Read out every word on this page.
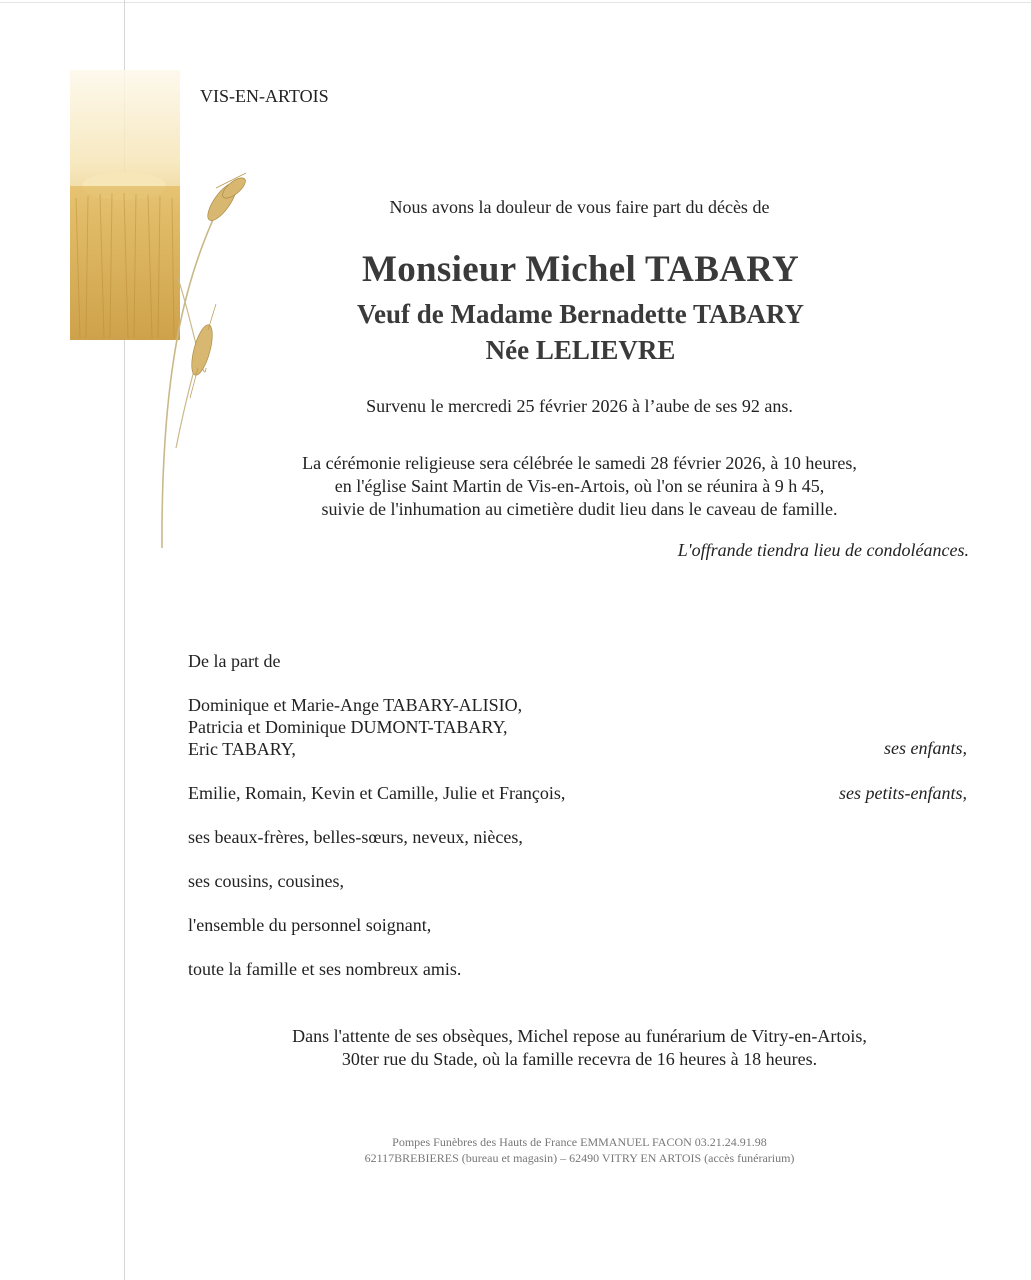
VIS-EN-ARTOIS
Nous avons la douleur de vous faire part du décès de
Monsieur Michel TABARY
Veuf de Madame Bernadette TABARY
Née LELIEVRE
Survenu le mercredi 25 février 2026 à l’aube de ses 92 ans.
La cérémonie religieuse sera célébrée le samedi 28 février 2026, à 10 heures,
en l'église Saint Martin de Vis-en-Artois, où l'on se réunira à 9 h 45,
suivie de l'inhumation au cimetière dudit lieu dans le caveau de famille.
L'offrande tiendra lieu de condoléances.
De la part de
Dominique et Marie-Ange TABARY-ALISIO,
Patricia et Dominique DUMONT-TABARY,
Eric TABARY,	ses enfants,
Emilie, Romain, Kevin et Camille, Julie et François,	ses petits-enfants,
ses beaux-frères, belles-sœurs, neveux, nièces,
ses cousins, cousines,
l'ensemble du personnel soignant,
toute la famille et ses nombreux amis.
Dans l'attente de ses obsèques, Michel repose au funérarium de Vitry-en-Artois,
30ter rue du Stade, où la famille recevra de 16 heures à 18 heures.
Pompes Funèbres des Hauts de France EMMANUEL FACON 03.21.24.91.98
62117BREBIERES (bureau et magasin) – 62490 VITRY EN ARTOIS (accès funérarium)
